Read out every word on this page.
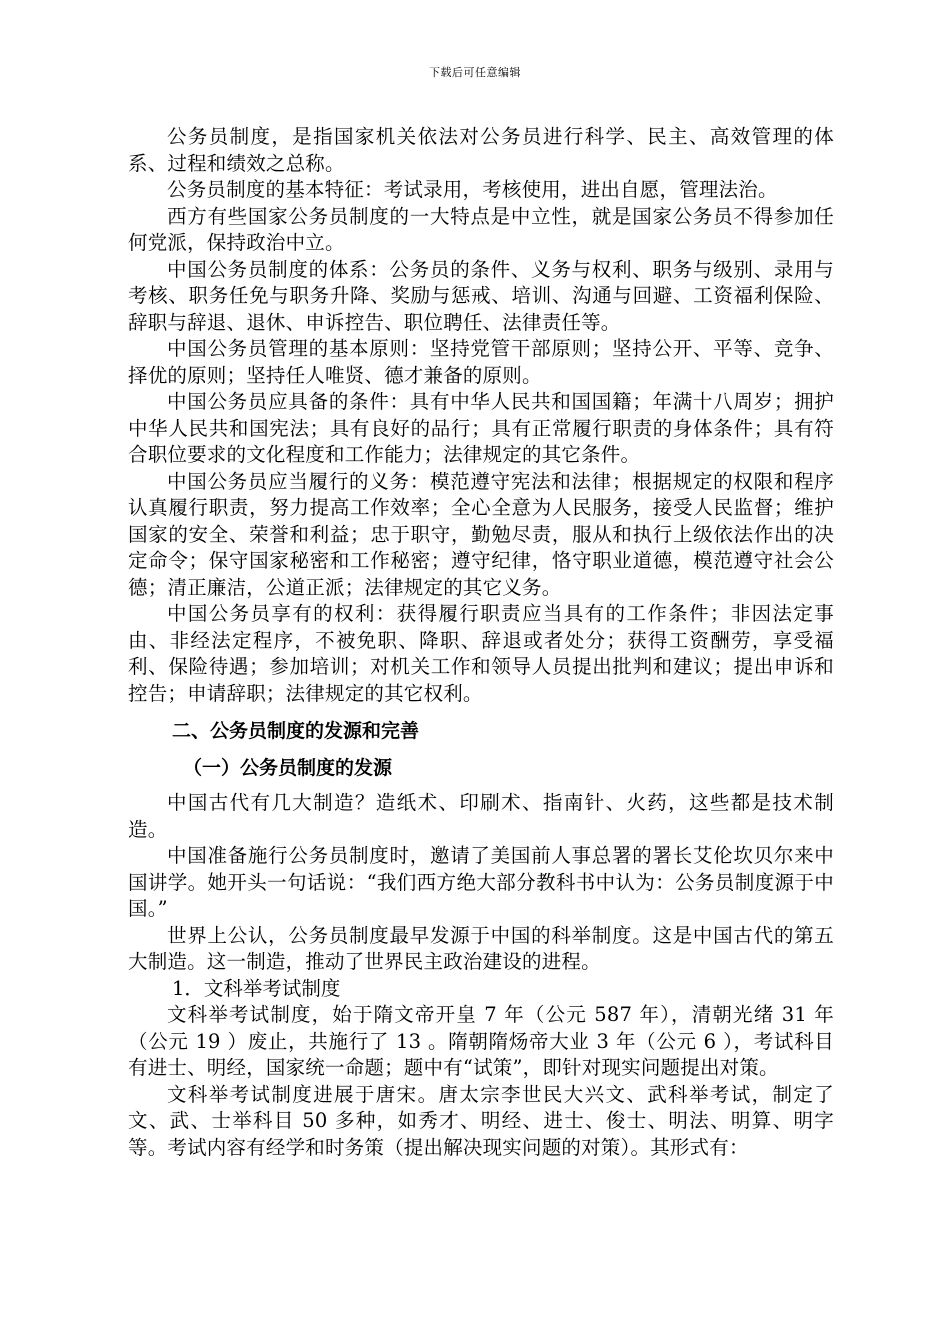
下载后可任意编辑

公务员制度，是指国家机关依法对公务员进行科学、民主、高效管理的体系、过程和绩效之总称。

公务员制度的基本特征：考试录用，考核使用，进出自愿，管理法治。

西方有些国家公务员制度的一大特点是中立性，就是国家公务员不得参加任何党派，保持政治中立。

中国公务员制度的体系：公务员的条件、义务与权利、职务与级别、录用与考核、职务任免与职务升降、奖励与惩戒、培训、沟通与回避、工资福利保险、辞职与辞退、退休、申诉控告、职位聘任、法律责任等。

中国公务员管理的基本原则：坚持党管干部原则；坚持公开、平等、竞争、择优的原则；坚持任人唯贤、德才兼备的原则。

中国公务员应具备的条件：具有中华人民共和国国籍；年满十八周岁；拥护中华人民共和国宪法；具有良好的品行；具有正常履行职责的身体条件；具有符合职位要求的文化程度和工作能力；法律规定的其它条件。

中国公务员应当履行的义务：模范遵守宪法和法律；根据规定的权限和程序认真履行职责，努力提高工作效率；全心全意为人民服务，接受人民监督；维护国家的安全、荣誉和利益；忠于职守，勤勉尽责，服从和执行上级依法作出的决定命令；保守国家秘密和工作秘密；遵守纪律，恪守职业道德，模范遵守社会公德；清正廉洁，公道正派；法律规定的其它义务。

中国公务员享有的权利：获得履行职责应当具有的工作条件；非因法定事由、非经法定程序，不被免职、降职、辞退或者处分；获得工资酬劳，享受福利、保险待遇；参加培训；对机关工作和领导人员提出批判和建议；提出申诉和控告；申请辞职；法律规定的其它权利。

二、公务员制度的发源和完善
（一）公务员制度的发源

中国古代有几大制造？造纸术、印刷术、指南针、火药，这些都是技术制造。

中国准备施行公务员制度时，邀请了美国前人事总署的署长艾伦坎贝尔来中国讲学。她开头一句话说：“我们西方绝大部分教科书中认为：公务员制度源于中国。”

世界上公认，公务员制度最早发源于中国的科举制度。这是中国古代的第五大制造。这一制造，推动了世界民主政治建设的进程。

1．文科举考试制度

文科举考试制度，始于隋文帝开皇 7 年（公元 587 年），清朝光绪 31 年（公元 19 ）废止，共施行了 13 。隋朝隋炀帝大业 3 年（公元 6 ），考试科目有进士、明经，国家统一命题；题中有“试策”，即针对现实问题提出对策。

文科举考试制度进展于唐宋。唐太宗李世民大兴文、武科举考试，制定了文、武、士举科目 50 多种，如秀才、明经、进士、俊士、明法、明算、明字等。考试内容有经学和时务策（提出解决现实问题的对策）。其形式有：
